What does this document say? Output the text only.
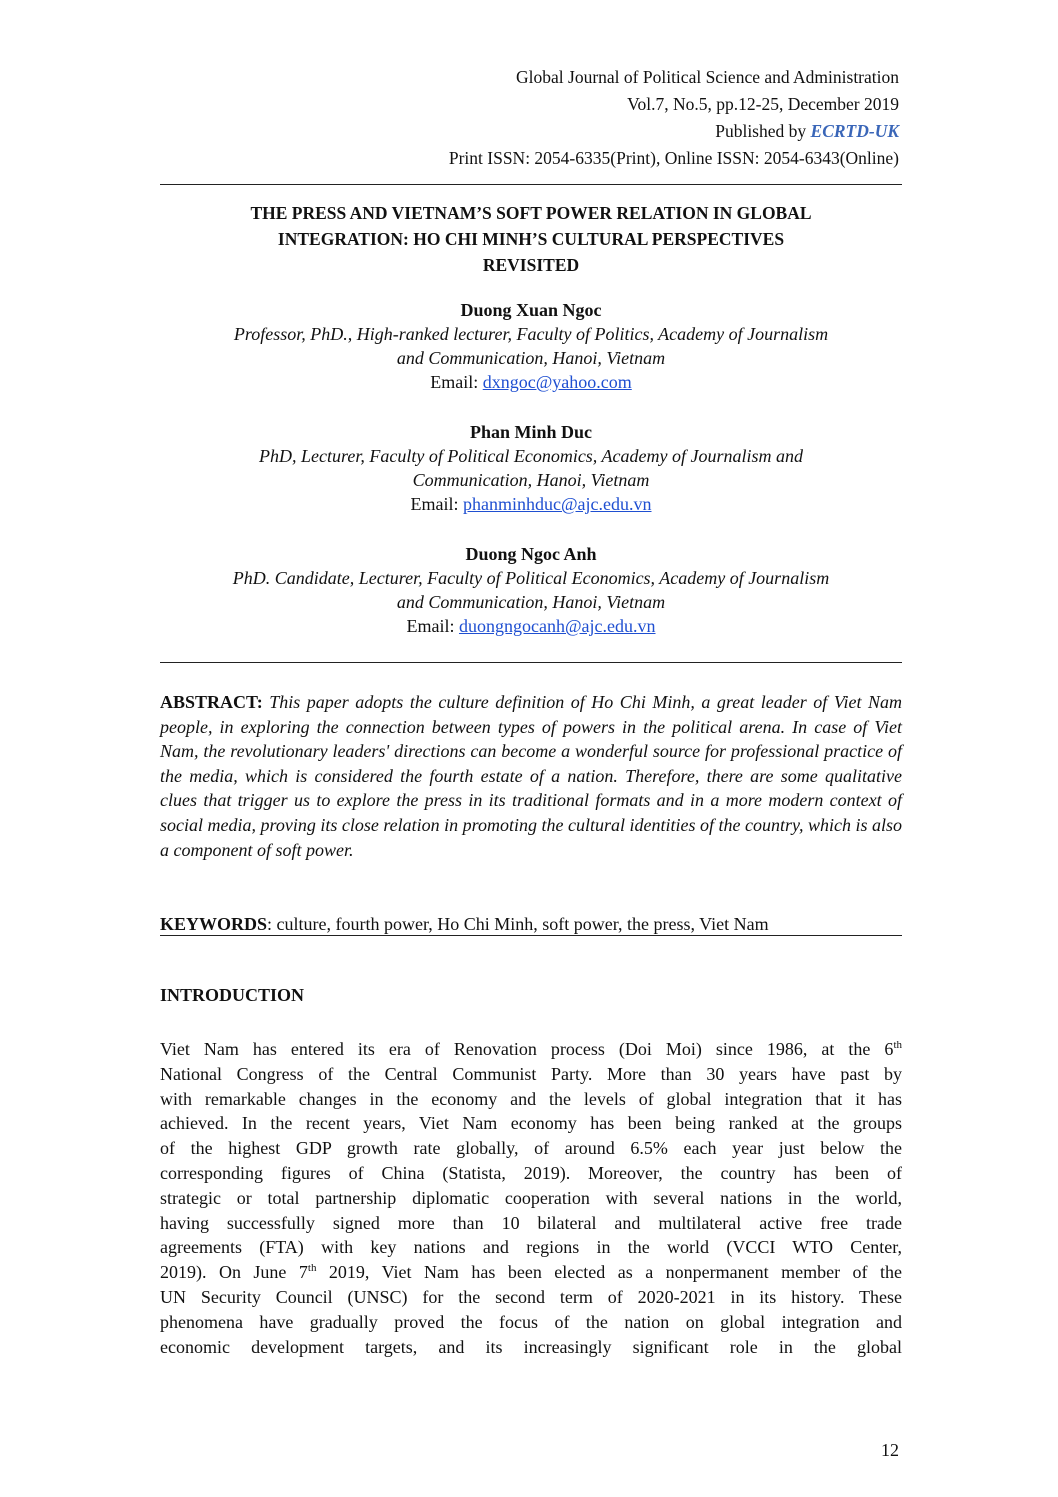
Global Journal of Political Science and Administration
Vol.7, No.5, pp.12-25, December 2019
Published by ECRTD-UK
Print ISSN: 2054-6335(Print), Online ISSN: 2054-6343(Online)
THE PRESS AND VIETNAM’S SOFT POWER RELATION IN GLOBAL
INTEGRATION: HO CHI MINH’S CULTURAL PERSPECTIVES
REVISITED
Duong Xuan Ngoc
Professor, PhD., High-ranked lecturer, Faculty of Politics, Academy of Journalism
and Communication, Hanoi, Vietnam
Email: dxngoc@yahoo.com
Phan Minh Duc
PhD, Lecturer, Faculty of Political Economics, Academy of Journalism and
Communication, Hanoi, Vietnam
Email: phanminhduc@ajc.edu.vn
Duong Ngoc Anh
PhD. Candidate, Lecturer, Faculty of Political Economics, Academy of Journalism
and Communication, Hanoi, Vietnam
Email: duongngocanh@ajc.edu.vn
ABSTRACT: This paper adopts the culture definition of Ho Chi Minh, a great leader of Viet Nam people, in exploring the connection between types of powers in the political arena. In case of Viet Nam, the revolutionary leaders' directions can become a wonderful source for professional practice of the media, which is considered the fourth estate of a nation. Therefore, there are some qualitative clues that trigger us to explore the press in its traditional formats and in a more modern context of social media, proving its close relation in promoting the cultural identities of the country, which is also a component of soft power.
KEYWORDS: culture, fourth power, Ho Chi Minh, soft power, the press, Viet Nam
INTRODUCTION
Viet Nam has entered its era of Renovation process (Doi Moi) since 1986, at the 6th
National Congress of the Central Communist Party. More than 30 years have past by
with remarkable changes in the economy and the levels of global integration that it has
achieved. In the recent years, Viet Nam economy has been being ranked at the groups
of the highest GDP growth rate globally, of around 6.5% each year just below the
corresponding figures of China (Statista, 2019). Moreover, the country has been of
strategic or total partnership diplomatic cooperation with several nations in the world,
having successfully signed more than 10 bilateral and multilateral active free trade
agreements (FTA) with key nations and regions in the world (VCCI WTO Center,
2019). On June 7th 2019, Viet Nam has been elected as a nonpermanent member of the
UN Security Council (UNSC) for the second term of 2020-2021 in its history. These
phenomena have gradually proved the focus of the nation on global integration and
economic development targets, and its increasingly significant role in the global
12
